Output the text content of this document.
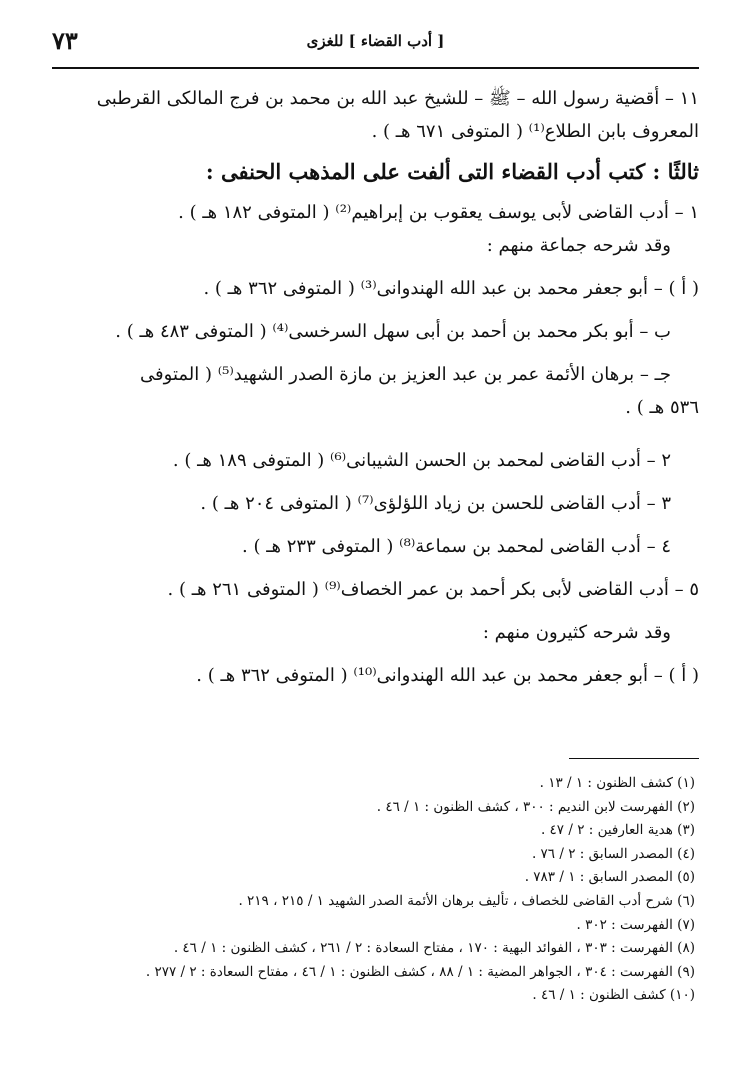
[ أدب القضاء ] للغزى
٧٣

١١ – أقضية رسول الله – ﷺ – للشيخ عبد الله بن محمد بن فرج المالكى القرطبى

المعروف بابن الطلاع⁽¹⁾ ( المتوفى ٦٧١ هـ ) .

ثالثًا : كتب أدب القضاء التى ألفت على المذهب الحنفى :

١ – أدب القاضى لأبى يوسف يعقوب بن إبراهيم⁽²⁾ ( المتوفى ١٨٢ هـ ) .

وقد شرحه جماعة منهم :

( أ ) – أبو جعفر محمد بن عبد الله الهندوانى⁽³⁾ ( المتوفى ٣٦٢ هـ ) .

ب – أبو بكر محمد بن أحمد بن أبى سهل السرخسى⁽⁴⁾ ( المتوفى ٤٨٣ هـ ) .

جـ – برهان الأئمة عمر بن عبد العزيز بن مازة الصدر الشهيد⁽⁵⁾ ( المتوفى

٥٣٦ هـ ) .

٢ – أدب القاضى لمحمد بن الحسن الشيبانى⁽⁶⁾ ( المتوفى ١٨٩ هـ ) .

٣ – أدب القاضى للحسن بن زياد اللؤلؤى⁽⁷⁾ ( المتوفى ٢٠٤ هـ ) .

٤ – أدب القاضى لمحمد بن سماعة⁽⁸⁾ ( المتوفى ٢٣٣ هـ ) .

٥ – أدب القاضى لأبى بكر أحمد بن عمر الخصاف⁽⁹⁾ ( المتوفى ٢٦١ هـ ) .

وقد شرحه كثيرون منهم :

( أ ) – أبو جعفر محمد بن عبد الله الهندوانى⁽¹⁰⁾ ( المتوفى ٣٦٢ هـ ) .

(١) كشف الظنون : ١ / ١٣ .

(٢) الفهرست لابن النديم : ٣٠٠ ، كشف الظنون : ١ / ٤٦ .

(٣) هدية العارفين : ٢ / ٤٧ .

(٤) المصدر السابق : ٢ / ٧٦ .

(٥) المصدر السابق : ١ / ٧٨٣ .

(٦) شرح أدب القاضى للخصاف ، تأليف برهان الأئمة الصدر الشهيد ١ / ٢١٥ ، ٢١٩ .

(٧) الفهرست : ٣٠٢ .

(٨) الفهرست : ٣٠٣ ، الفوائد البهية : ١٧٠ ، مفتاح السعادة : ٢ / ٢٦١ ، كشف الظنون : ١ / ٤٦ .

(٩) الفهرست : ٣٠٤ ، الجواهر المضية : ١ / ٨٨ ، كشف الظنون : ١ / ٤٦ ، مفتاح السعادة : ٢ / ٢٧٧ .

(١٠) كشف الظنون : ١ / ٤٦ .
